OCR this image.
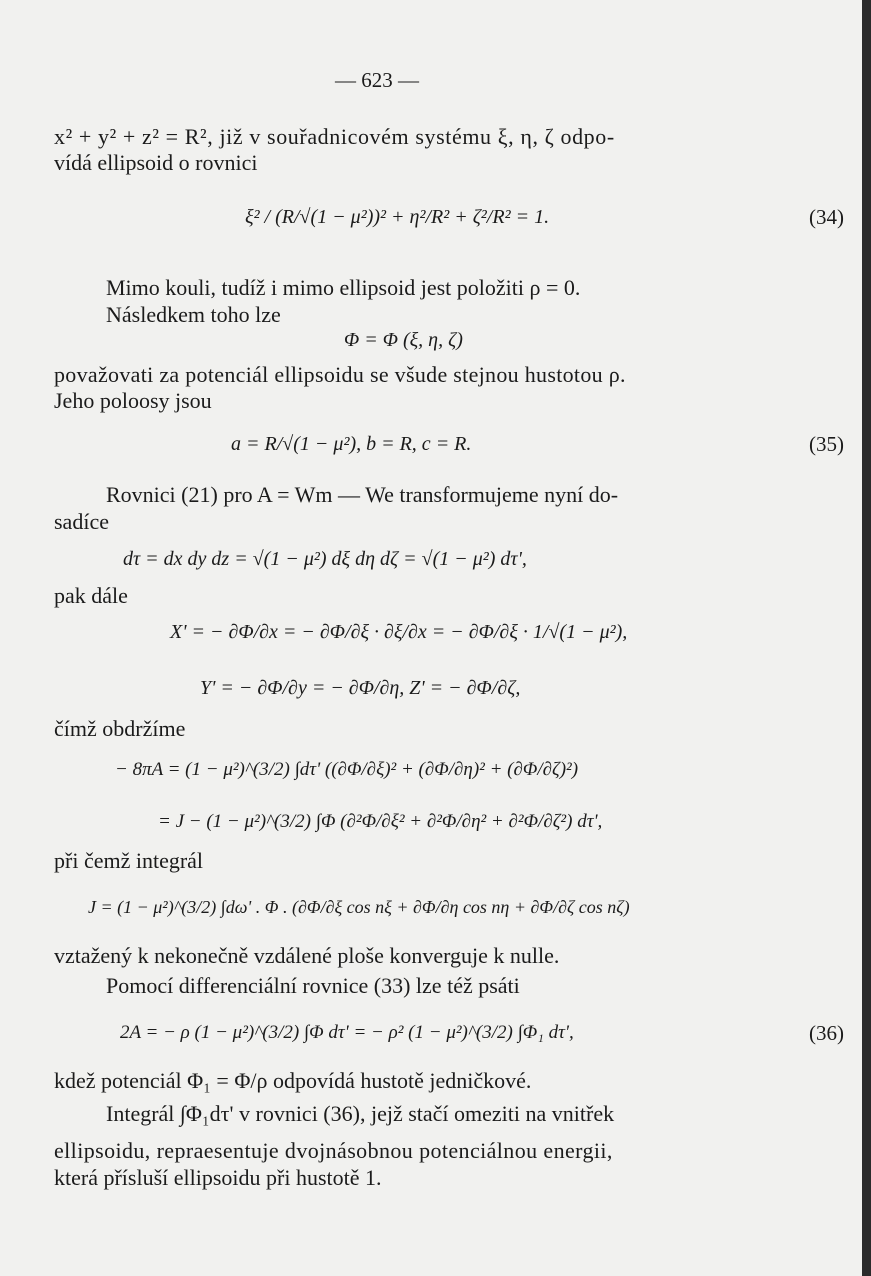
— 623 —
x² + y² + z² = R², již v souřadnicovém systému ξ, η, ζ odpo-
vídá ellipsoid o rovnici
ξ² / (R/√(1 − μ²))² + η²/R² + ζ²/R² = 1.	(34)
Mimo kouli, tudíž i mimo ellipsoid jest položiti ρ = 0.
Následkem toho lze
Φ = Φ (ξ, η, ζ)
považovati za potenciál ellipsoidu se všude stejnou hustotou ρ.
Jeho poloosy jsou
a = R/√(1 − μ²), b = R, c = R.	(35)
Rovnici (21) pro A = Wm — We transformujeme nyní do-
sadíce
dτ = dx dy dz = √(1 − μ²) dξ dη dζ = √(1 − μ²) dτ',
pak dále
X' = − ∂Φ/∂x = − ∂Φ/∂ξ · ∂ξ/∂x = − ∂Φ/∂ξ · 1/√(1 − μ²),
Y' = − ∂Φ/∂y = − ∂Φ/∂η, Z' = − ∂Φ/∂ζ,
čímž obdržíme
− 8πA = (1 − μ²)^(3/2) ∫dτ' ((∂Φ/∂ξ)² + (∂Φ/∂η)² + (∂Φ/∂ζ)²)
= J − (1 − μ²)^(3/2) ∫Φ (∂²Φ/∂ξ² + ∂²Φ/∂η² + ∂²Φ/∂ζ²) dτ',
při čemž integrál
J = (1 − μ²)^(3/2) ∫dω' . Φ . (∂Φ/∂ξ cos nξ + ∂Φ/∂η cos nη + ∂Φ/∂ζ cos nζ)
vztažený k nekonečně vzdálené ploše konverguje k nulle.
Pomocí differenciální rovnice (33) lze též psáti
2A = − ρ (1 − μ²)^(3/2) ∫Φ dτ' = − ρ² (1 − μ²)^(3/2) ∫Φ₁ dτ',	(36)
kdež potenciál Φ₁ = Φ/ρ odpovídá hustotě jedničkové.
Integrál ∫Φ₁dτ' v rovnici (36), jejž stačí omeziti na vnitřek
ellipsoidu, repraesentuje dvojnásobnou potenciálnou energii,
která přísluší ellipsoidu při hustotě 1.
